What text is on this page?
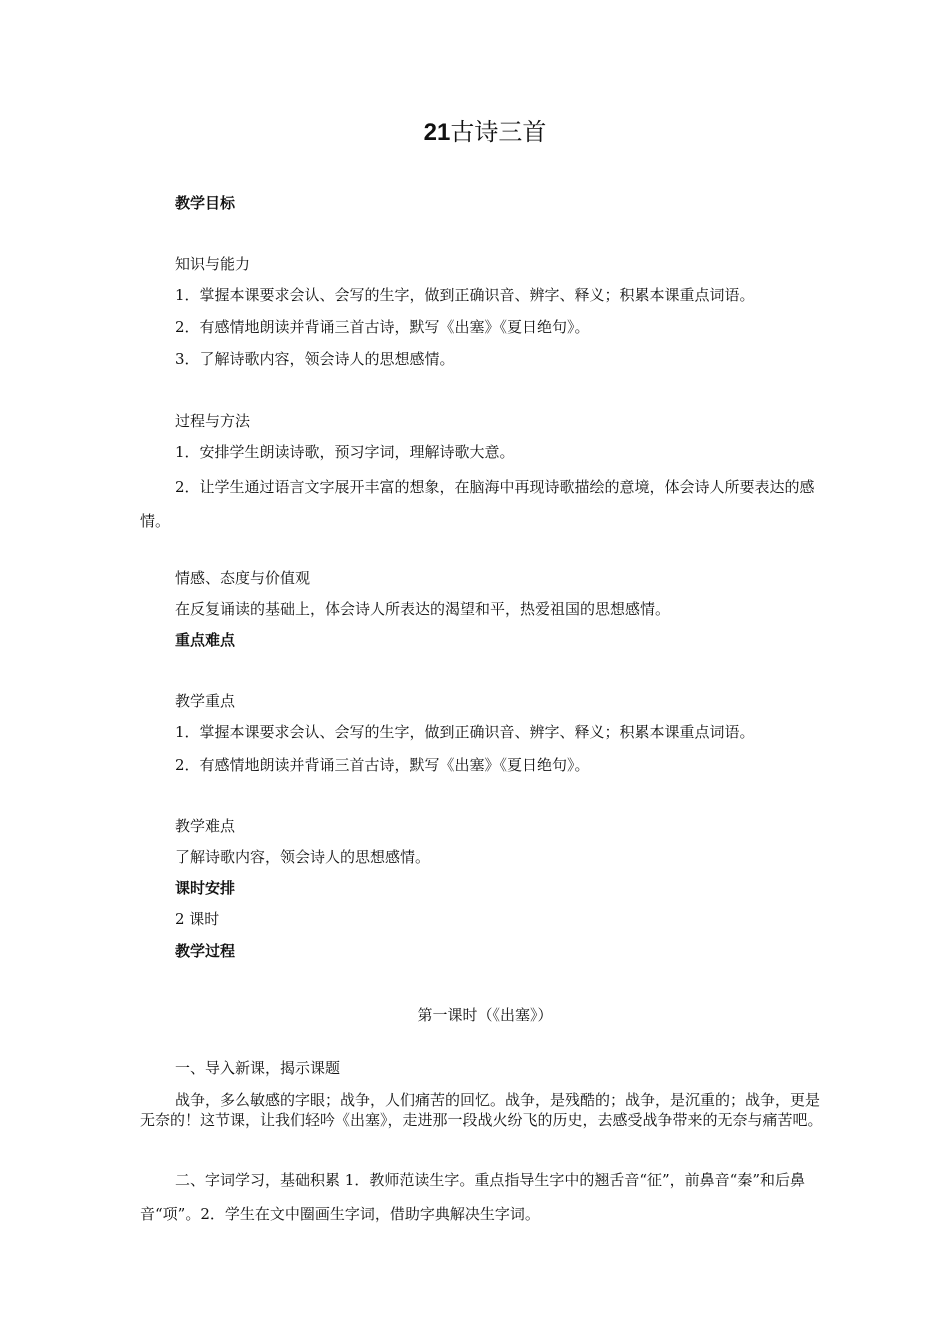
21古诗三首
教学目标
知识与能力
1．掌握本课要求会认、会写的生字，做到正确识音、辨字、释义；积累本课重点词语。
2．有感情地朗读并背诵三首古诗，默写《出塞》《夏日绝句》。
3．了解诗歌内容，领会诗人的思想感情。
过程与方法
1．安排学生朗读诗歌，预习字词，理解诗歌大意。
2．让学生通过语言文字展开丰富的想象，在脑海中再现诗歌描绘的意境，体会诗人所要表达的感情。
情感、态度与价值观
在反复诵读的基础上，体会诗人所表达的渴望和平，热爱祖国的思想感情。
重点难点
教学重点
1．掌握本课要求会认、会写的生字，做到正确识音、辨字、释义；积累本课重点词语。
2．有感情地朗读并背诵三首古诗，默写《出塞》《夏日绝句》。
教学难点
了解诗歌内容，领会诗人的思想感情。
课时安排
2 课时
教学过程
第一课时（《出塞》）
一、导入新课，揭示课题
战争，多么敏感的字眼；战争，人们痛苦的回忆。战争，是残酷的；战争，是沉重的；战争，更是无奈的！这节课，让我们轻吟《出塞》，走进那一段战火纷飞的历史，去感受战争带来的无奈与痛苦吧。
二、字词学习，基础积累 1．教师范读生字。重点指导生字中的翘舌音“征”，前鼻音“秦”和后鼻音“项”。2．学生在文中圈画生字词，借助字典解决生字词。
